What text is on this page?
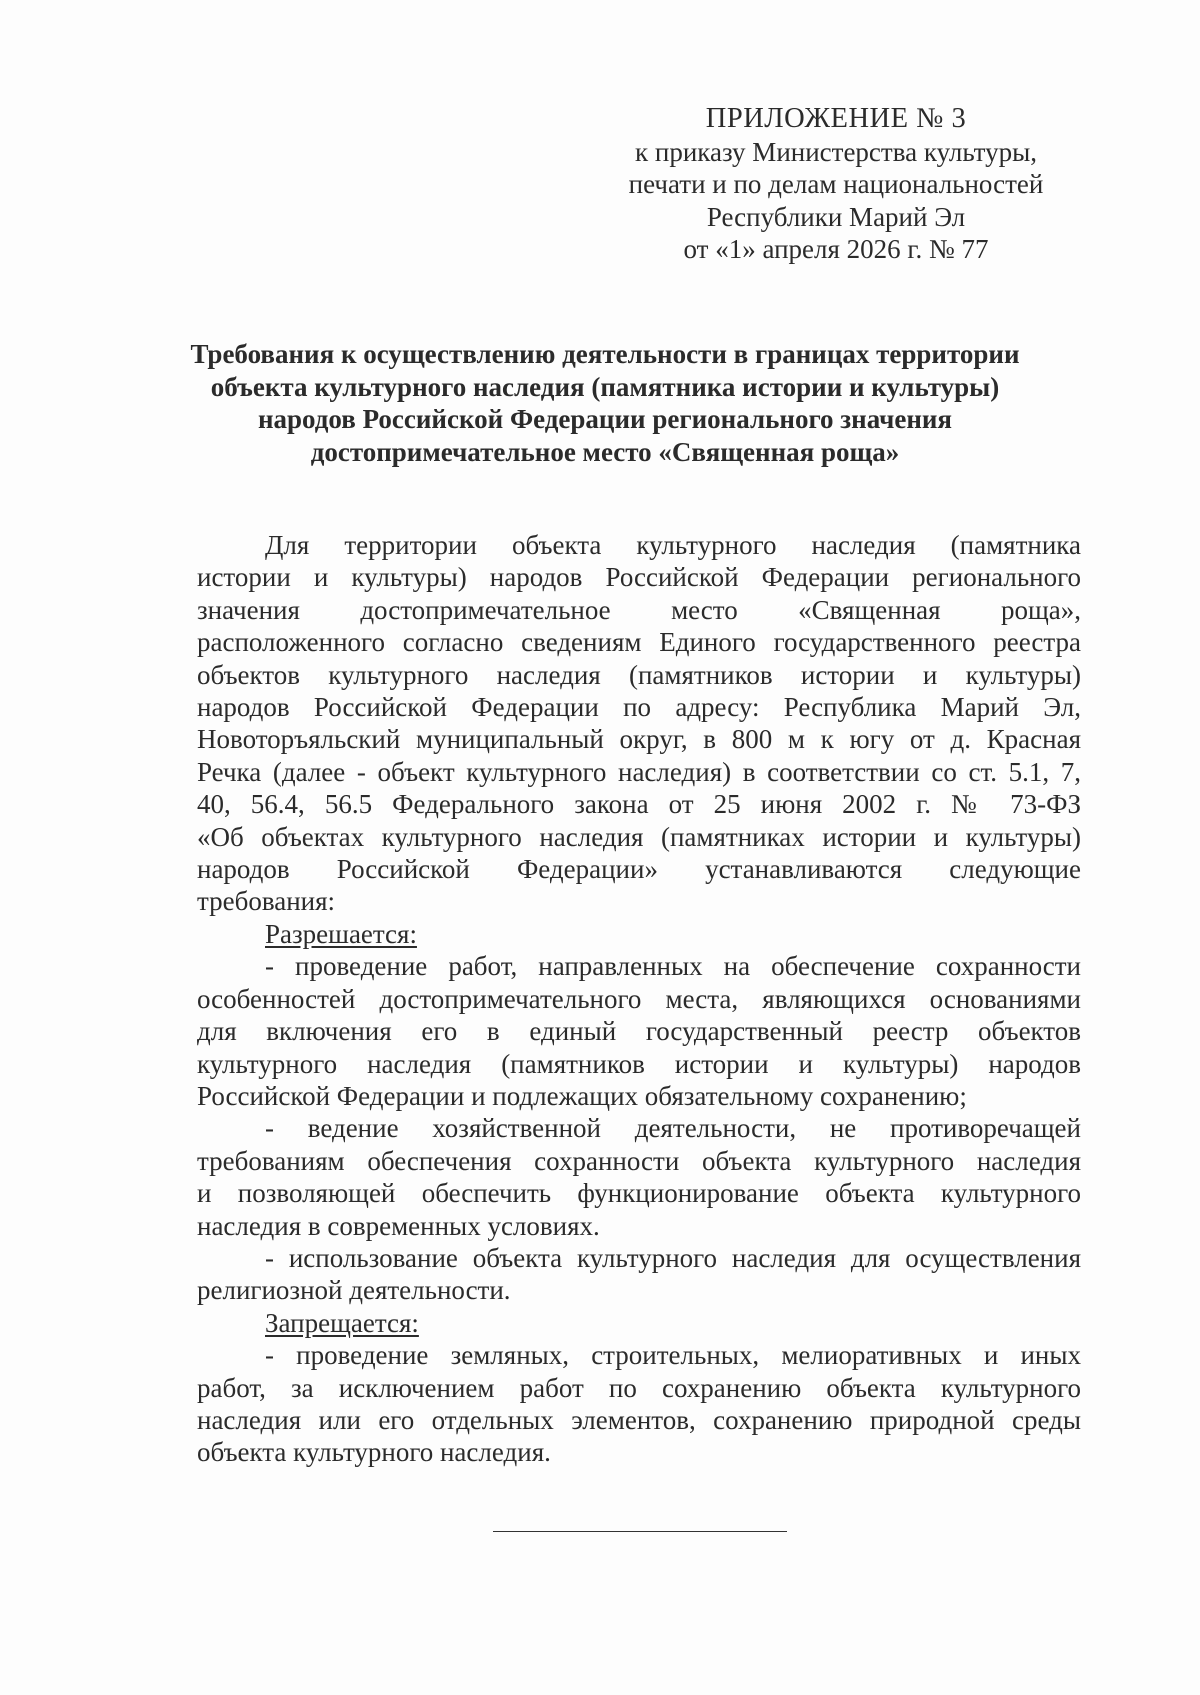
ПРИЛОЖЕНИЕ № 3
к приказу Министерства культуры,
печати и по делам национальностей
Республики Марий Эл
от «1» апреля 2026 г. № 77
Требования к осуществлению деятельности в границах территории
объекта культурного наследия (памятника истории и культуры)
народов Российской Федерации регионального значения
достопримечательное место «Священная роща»
Для территории объекта культурного наследия (памятника
истории и культуры) народов Российской Федерации регионального
значения достопримечательное место «Священная роща»,
расположенного согласно сведениям Единого государственного реестра
объектов культурного наследия (памятников истории и культуры)
народов Российской Федерации по адресу: Республика Марий Эл,
Новоторъяльский муниципальный округ, в 800 м к югу от д. Красная
Речка (далее - объект культурного наследия) в соответствии со ст. 5.1, 7,
40, 56.4, 56.5 Федерального закона от 25 июня 2002 г. № 73-ФЗ
«Об объектах культурного наследия (памятниках истории и культуры)
народов Российской Федерации» устанавливаются следующие
требования:
Разрешается:
- проведение работ, направленных на обеспечение сохранности
особенностей достопримечательного места, являющихся основаниями
для включения его в единый государственный реестр объектов
культурного наследия (памятников истории и культуры) народов
Российской Федерации и подлежащих обязательному сохранению;
- ведение хозяйственной деятельности, не противоречащей
требованиям обеспечения сохранности объекта культурного наследия
и позволяющей обеспечить функционирование объекта культурного
наследия в современных условиях.
- использование объекта культурного наследия для осуществления
религиозной деятельности.
Запрещается:
- проведение земляных, строительных, мелиоративных и иных
работ, за исключением работ по сохранению объекта культурного
наследия или его отдельных элементов, сохранению природной среды
объекта культурного наследия.
